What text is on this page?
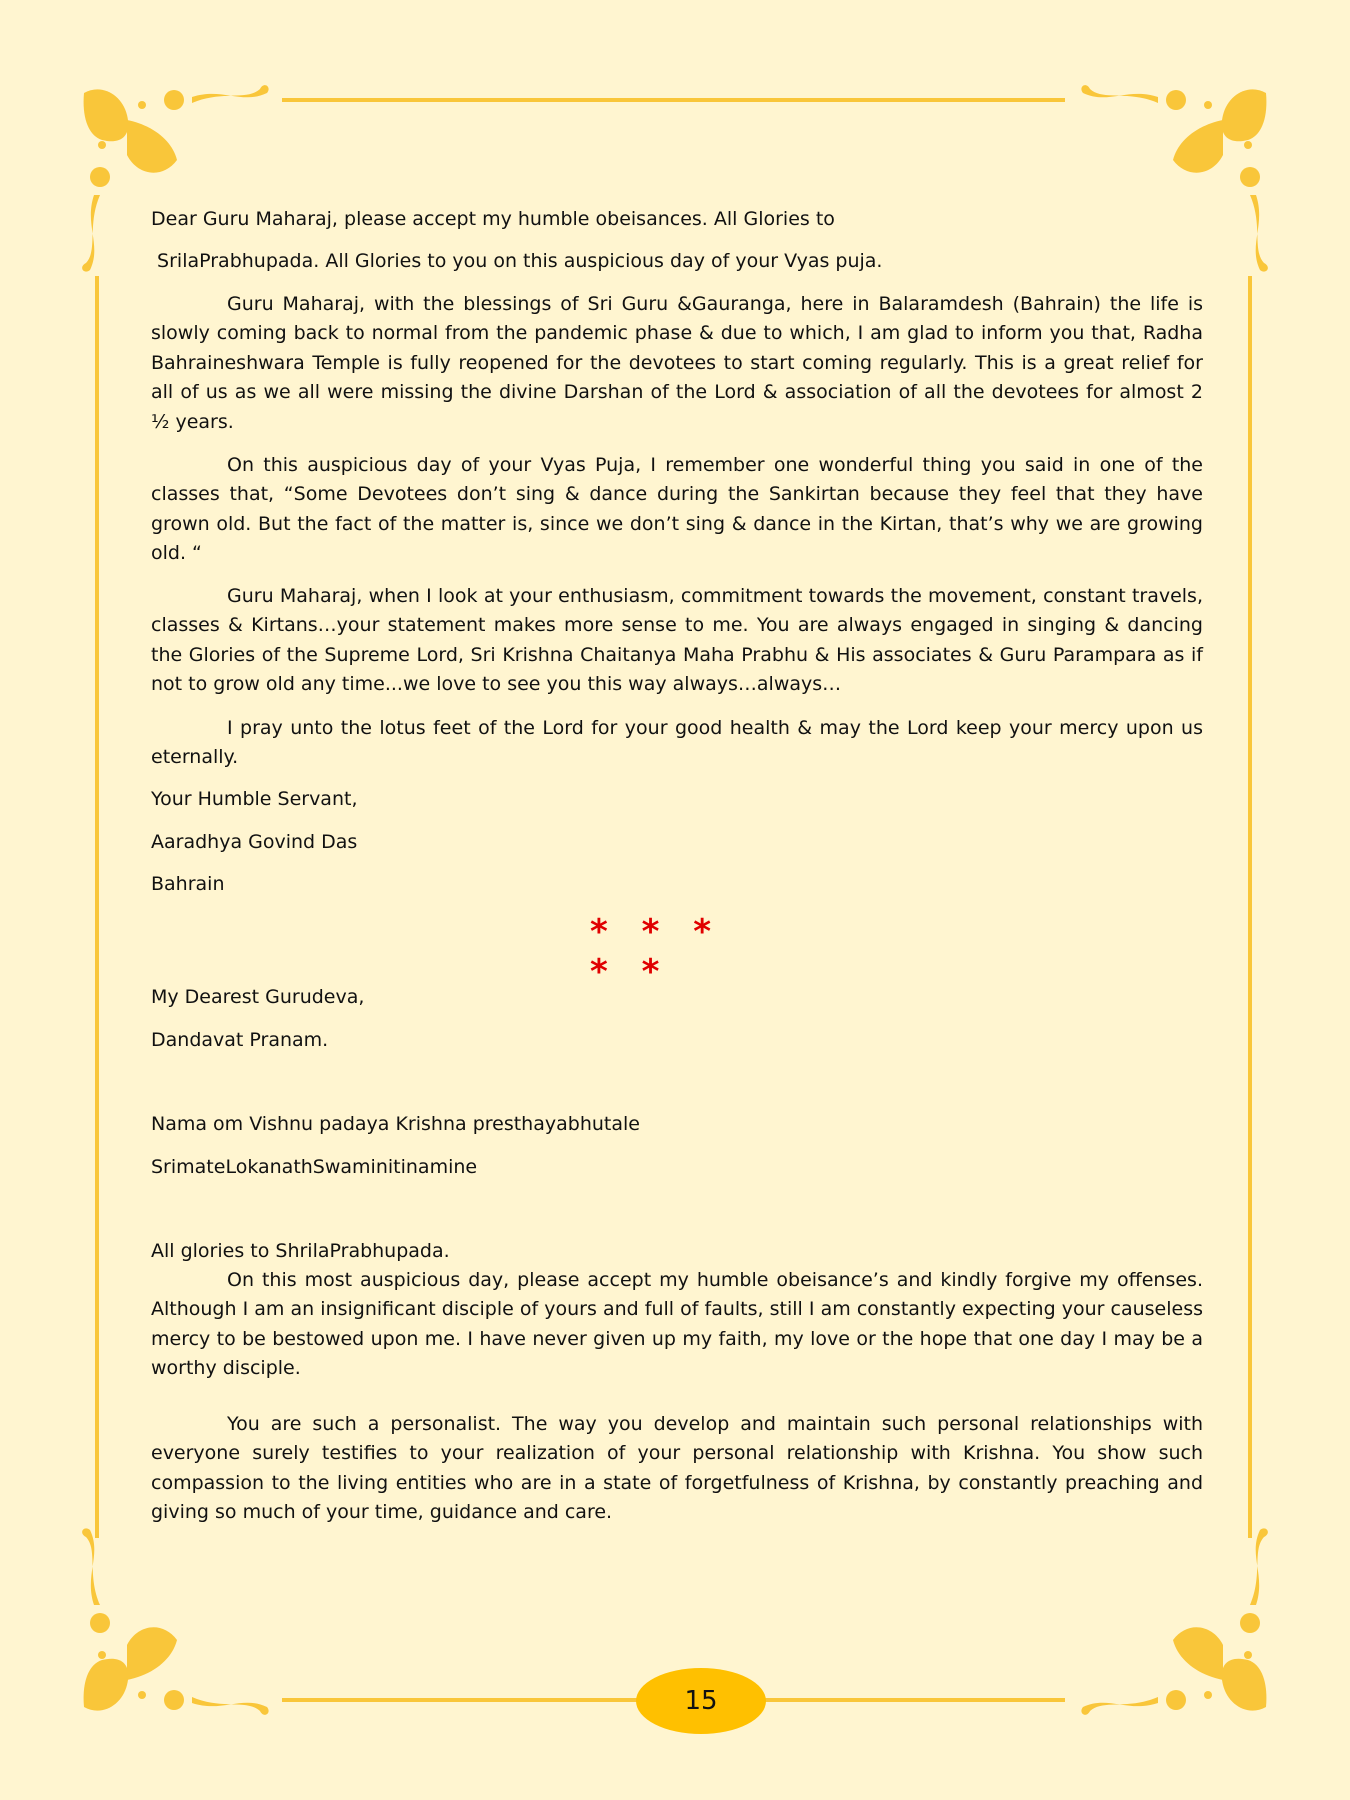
Dear Guru Maharaj, please accept my humble obeisances. All Glories to
SrilaPrabhupada. All Glories to you on this auspicious day of your Vyas puja.
Guru Maharaj, with the blessings of Sri Guru &Gauranga, here in Balaramdesh (Bahrain) the life is slowly coming back to normal from the pandemic phase & due to which, I am glad to inform you that, Radha Bahraineshwara Temple is fully reopened for the devotees to start coming regularly. This is a great relief for all of us as we all were missing the divine Darshan of the Lord & association of all the devotees for almost 2 ½ years.
On this auspicious day of your Vyas Puja, I remember one wonderful thing you said in one of the classes that, “Some Devotees don’t sing & dance during the Sankirtan because they feel that they have grown old. But the fact of the matter is, since we don’t sing & dance in the Kirtan, that’s why we are growing old. “
Guru Maharaj, when I look at your enthusiasm, commitment towards the movement, constant travels, classes & Kirtans…your statement makes more sense to me. You are always engaged in singing & dancing the Glories of the Supreme Lord, Sri Krishna Chaitanya Maha Prabhu & His associates & Guru Parampara as if not to grow old any time...we love to see you this way always…always…
I pray unto the lotus feet of the Lord for your good health & may the Lord keep your mercy upon us eternally.
Your Humble Servant,
Aaradhya Govind Das
Bahrain
* * * * *
My Dearest Gurudeva,
Dandavat Pranam.
Nama om Vishnu padaya Krishna presthayabhutale
SrimateLokanathSwaminitinamine
All glories to ShrilaPrabhupada.
On this most auspicious day, please accept my humble obeisance’s and kindly forgive my offenses. Although I am an insignificant disciple of yours and full of faults, still I am constantly expecting your causeless mercy to be bestowed upon me. I have never given up my faith, my love or the hope that one day I may be a worthy disciple.
You are such a personalist. The way you develop and maintain such personal relationships with everyone surely testifies to your realization of your personal relationship with Krishna. You show such compassion to the living entities who are in a state of forgetfulness of Krishna, by constantly preaching and giving so much of your time, guidance and care.
15
